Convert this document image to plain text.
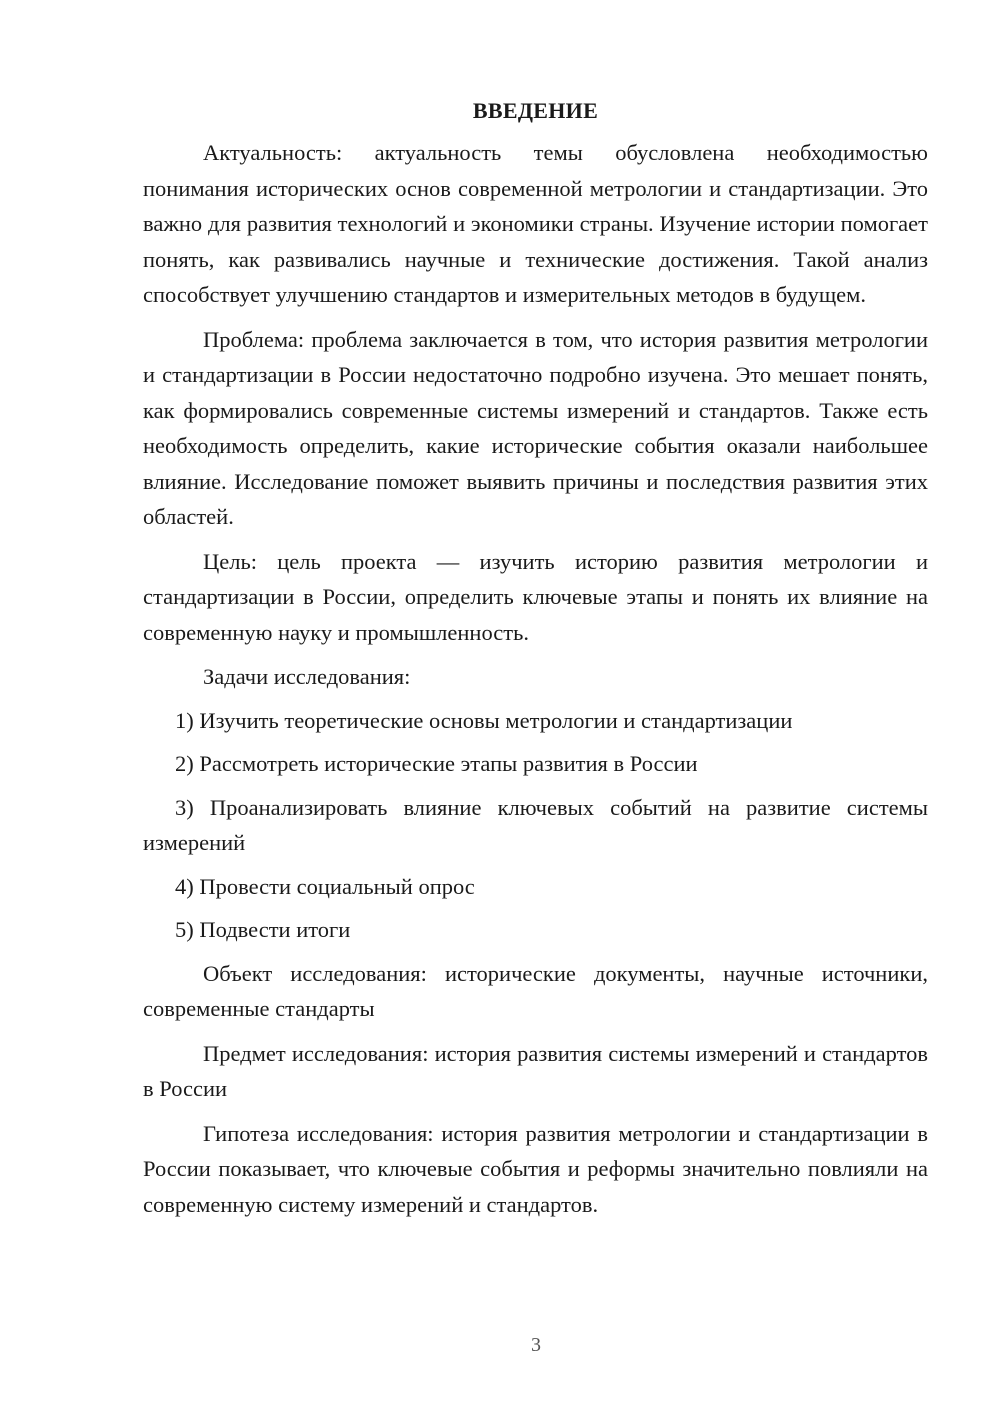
ВВЕДЕНИЕ

Актуальность: актуальность темы обусловлена необходимостью понимания исторических основ современной метрологии и стандартизации. Это важно для развития технологий и экономики страны. Изучение истории помогает понять, как развивались научные и технические достижения. Такой анализ способствует улучшению стандартов и измерительных методов в будущем.

Проблема: проблема заключается в том, что история развития метрологии и стандартизации в России недостаточно подробно изучена. Это мешает понять, как формировались современные системы измерений и стандартов. Также есть необходимость определить, какие исторические события оказали наибольшее влияние. Исследование поможет выявить причины и последствия развития этих областей.

Цель: цель проекта — изучить историю развития метрологии и стандартизации в России, определить ключевые этапы и понять их влияние на современную науку и промышленность.

Задачи исследования:

1) Изучить теоретические основы метрологии и стандартизации

2) Рассмотреть исторические этапы развития в России

3) Проанализировать влияние ключевых событий на развитие системы измерений

4) Провести социальный опрос

5) Подвести итоги

Объект исследования: исторические документы, научные источники, современные стандарты

Предмет исследования: история развития системы измерений и стандартов в России

Гипотеза исследования: история развития метрологии и стандартизации в России показывает, что ключевые события и реформы значительно повлияли на современную систему измерений и стандартов.

3
